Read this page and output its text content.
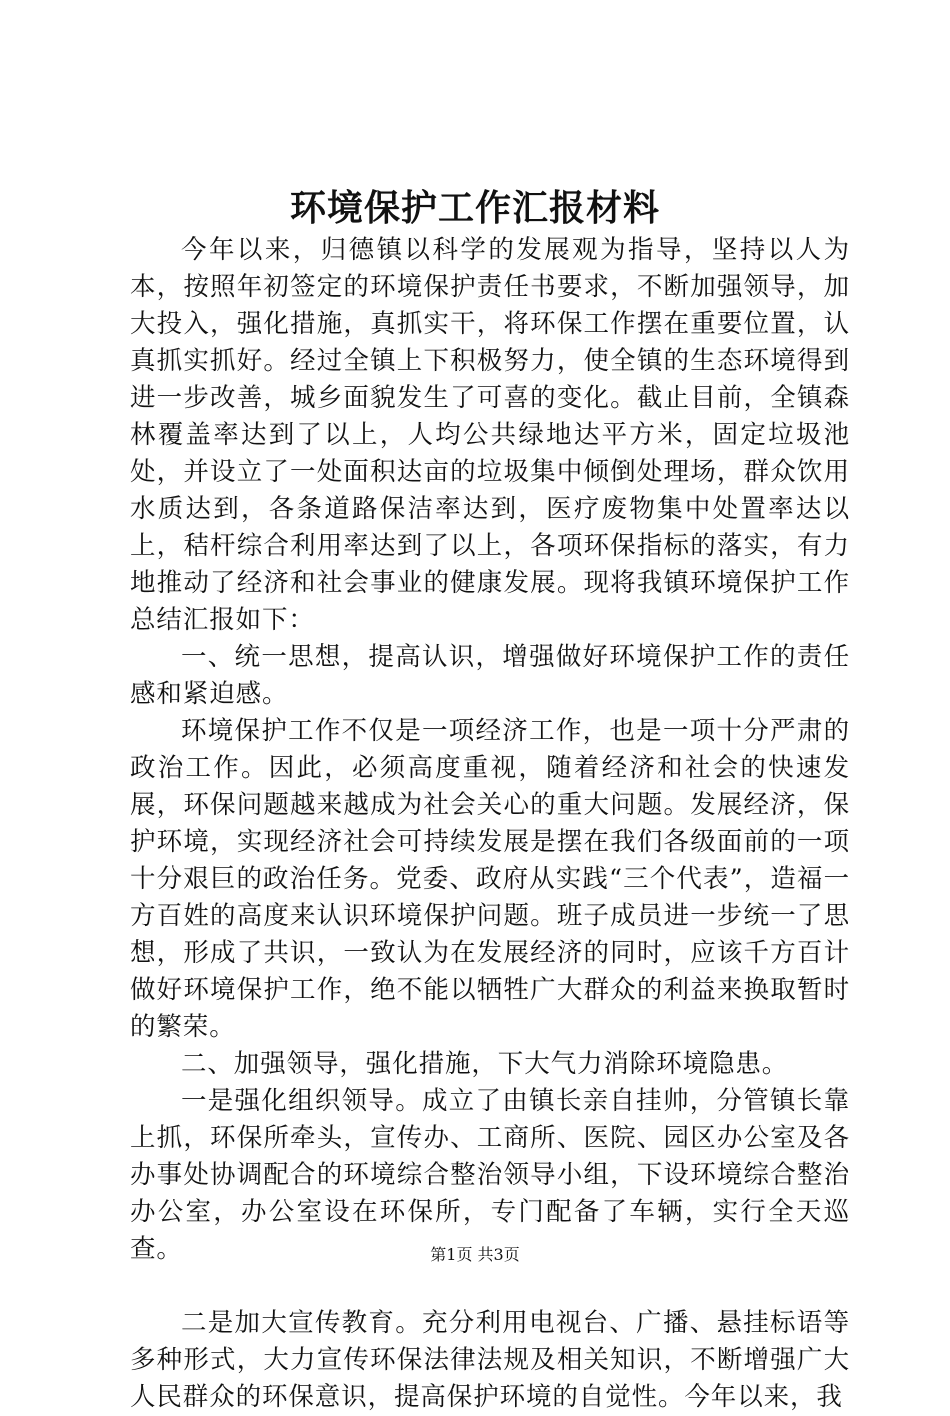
环境保护工作汇报材料

今年以来，归德镇以科学的发展观为指导，坚持以人为本，按照年初签定的环境保护责任书要求，不断加强领导，加大投入，强化措施，真抓实干，将环保工作摆在重要位置，认真抓实抓好。经过全镇上下积极努力，使全镇的生态环境得到进一步改善，城乡面貌发生了可喜的变化。截止目前，全镇森林覆盖率达到了以上，人均公共绿地达平方米，固定垃圾池处，并设立了一处面积达亩的垃圾集中倾倒处理场，群众饮用水质达到，各条道路保洁率达到，医疗废物集中处置率达以上，秸杆综合利用率达到了以上，各项环保指标的落实，有力地推动了经济和社会事业的健康发展。现将我镇环境保护工作总结汇报如下：

一、统一思想，提高认识，增强做好环境保护工作的责任感和紧迫感。

环境保护工作不仅是一项经济工作，也是一项十分严肃的政治工作。因此，必须高度重视，随着经济和社会的快速发展，环保问题越来越成为社会关心的重大问题。发展经济，保护环境，实现经济社会可持续发展是摆在我们各级面前的一项十分艰巨的政治任务。党委、政府从实践“三个代表”，造福一方百姓的高度来认识环境保护问题。班子成员进一步统一了思想，形成了共识，一致认为在发展经济的同时，应该千方百计做好环境保护工作，绝不能以牺牲广大群众的利益来换取暂时的繁荣。

二、加强领导，强化措施，下大气力消除环境隐患。

一是强化组织领导。成立了由镇长亲自挂帅，分管镇长靠上抓，环保所牵头，宣传办、工商所、医院、园区办公室及各办事处协调配合的环境综合整治领导小组，下设环境综合整治办公室，办公室设在环保所，专门配备了车辆，实行全天巡查。

二是加大宣传教育。充分利用电视台、广播、悬挂标语等多种形式，大力宣传环保法律法规及相关知识，不断增强广大人民群众的环保意识，提高保护环境的自觉性。今年以来，我

第1页 共3页
